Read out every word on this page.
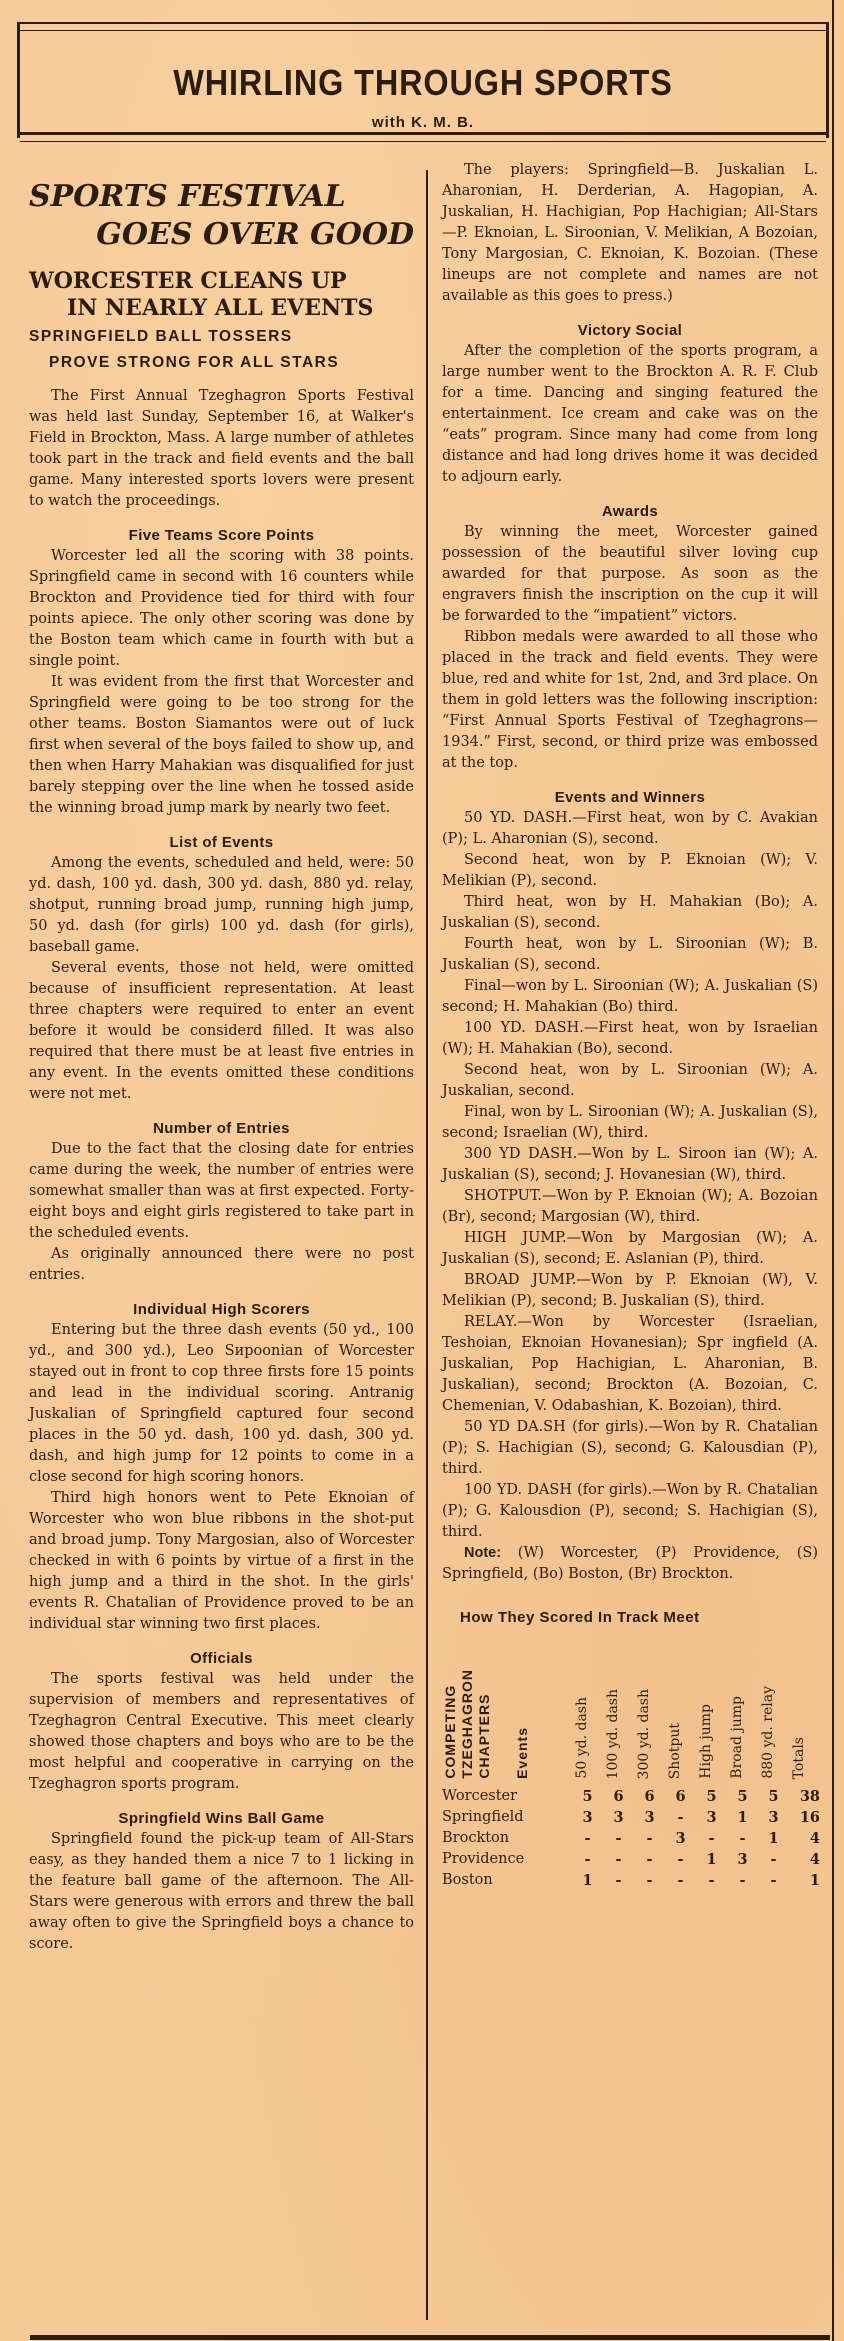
WHIRLING THROUGH SPORTS
with K. M. B.
SPORTS FESTIVAL
GOES OVER GOOD
WORCESTER CLEANS UP
IN NEARLY ALL EVENTS
SPRINGFIELD BALL TOSSERS
PROVE STRONG FOR ALL STARS

The First Annual Tzeghagron Sports Festival was held last Sunday, September 16, at Walker's Field in Brockton, Mass. A large number of athletes took part in the track and field events and the ball game. Many interested sports lovers were present to watch the proceedings.

Five Teams Score Points

Worcester led all the scoring with 38 points. Springfield came in second with 16 counters while Brockton and Providence tied for third with four points apiece. The only other scoring was done by the Boston team which came in fourth with but a single point.

It was evident from the first that Worcester and Springfield were going to be too strong for the other teams. Boston Siamantos were out of luck first when several of the boys failed to show up, and then when Harry Mahakian was disqualified for just barely stepping over the line when he tossed aside the winning broad jump mark by nearly two feet.

List of Events

Among the events, scheduled and held, were: 50 yd. dash, 100 yd. dash, 300 yd. dash, 880 yd. relay, shotput, running broad jump, running high jump, 50 yd. dash (for girls) 100 yd. dash (for girls), baseball game.

Several events, those not held, were omitted because of insufficient representation. At least three chapters were required to enter an event before it would be considerd filled. It was also required that there must be at least five entries in any event. In the events omitted these conditions were not met.

Number of Entries

Due to the fact that the closing date for entries came during the week, the number of entries were somewhat smaller than was at first expected. Forty-eight boys and eight girls registered to take part in the scheduled events.

As originally announced there were no post entries.

Individual High Scorers

Entering but the three dash events (50 yd., 100 yd., and 300 yd.), Leo Sироonian of Worcester stayed out in front to cop three firsts fore 15 points and lead in the individual scoring. Antranig Juskalian of Springfield captured four second places in the 50 yd. dash, 100 yd. dash, 300 yd. dash, and high jump for 12 points to come in a close second for high scoring honors.

Third high honors went to Pete Eknoian of Worcester who won blue ribbons in the shot-put and broad jump. Tony Margosian, also of Worcester checked in with 6 points by virtue of a first in the high jump and a third in the shot. In the girls' events R. Chatalian of Providence proved to be an individual star winning two first places.

Officials

The sports festival was held under the supervision of members and representatives of Tzeghagron Central Executive. This meet clearly showed those chapters and boys who are to be the most helpful and cooperative in carrying on the Tzeghagron sports program.

Springfield Wins Ball Game

Springfield found the pick-up team of All-Stars easy, as they handed them a nice 7 to 1 licking in the feature ball game of the afternoon. The All-Stars were generous with errors and threw the ball away often to give the Springfield boys a chance to score.

The players: Springfield—B. Juskalian L. Aharonian, H. Derderian, A. Hagopian, A. Juskalian, H. Hachigian, Pop Hachigian; All-Stars—P. Eknoian, L. Siroonian, V. Melikian, A Bozoian, Tony Margosian, C. Eknoian, K. Bozoian. (These lineups are not complete and names are not available as this goes to press.)

Victory Social

After the completion of the sports program, a large number went to the Brockton A. R. F. Club for a time. Dancing and singing featured the entertainment. Ice cream and cake was on the “eats” program. Since many had come from long distance and had long drives home it was decided to adjourn early.

Awards

By winning the meet, Worcester gained possession of the beautiful silver loving cup awarded for that purpose. As soon as the engravers finish the inscription on the cup it will be forwarded to the “impatient” victors.

Ribbon medals were awarded to all those who placed in the track and field events. They were blue, red and white for 1st, 2nd, and 3rd place. On them in gold letters was the following inscription: “First Annual Sports Festival of Tzeghagrons—1934.” First, second, or third prize was embossed at the top.

Events and Winners

50 YD. DASH.—First heat, won by C. Avakian (P); L. Aharonian (S), second.

Second heat, won by P. Eknoian (W); V. Melikian (P), second.

Third heat, won by H. Mahakian (Bo); A. Juskalian (S), second.

Fourth heat, won by L. Siroonian (W); B. Juskalian (S), second.

Final—won by L. Siroonian (W); A. Juskalian (S) second; H. Mahakian (Bo) third.

100 YD. DASH.—First heat, won by Israelian (W); H. Mahakian (Bo), second.

Second heat, won by L. Siroonian (W); A. Juskalian, second.

Final, won by L. Siroonian (W); A. Juskalian (S), second; Israelian (W), third.

300 YD DASH.—Won by L. Siroon ian (W); A. Juskalian (S), second; J. Hovanesian (W), third.

SHOTPUT.—Won by P. Eknoian (W); A. Bozoian (Br), second; Margosian (W), third.

HIGH JUMP.—Won by Margosian (W); A. Juskalian (S), second; E. Aslanian (P), third.

BROAD JUMP.—Won by P. Eknoian (W), V. Melikian (P), second; B. Juskalian (S), third.

RELAY.—Won by Worcester (Israelian, Teshoian, Eknoian Hovanesian); Spr ingfield (A. Juskalian, Pop Hachigian, L. Aharonian, B. Juskalian), second; Brockton (A. Bozoian, C. Chemenian, V. Odabashian, K. Bozoian), third.

50 YD DA.SH (for girls).—Won by R. Chatalian (P); S. Hachigian (S), second; G. Kalousdian (P), third.

100 YD. DASH (for girls).—Won by R. Chatalian (P); G. Kalousdion (P), second; S. Hachigian (S), third.

Note: (W) Worcester, (P) Providence, (S) Springfield, (Bo) Boston, (Br) Brockton.

How They Scored In Track Meet
COMPETING
TZEGHAGRON
CHAPTERS Events	50 yd. dash	100 yd. dash	300 yd. dash	Shotput	High jump	Broad jump	880 yd. relay	Totals
Worcester	5	6	6	6	5	5	5	38
Springfield	3	3	3	-	3	1	3	16
Brockton	-	-	-	3	-	-	1	4
Providence	-	-	-	-	1	3	-	4
Boston	1	-	-	-	-	-	-	1
